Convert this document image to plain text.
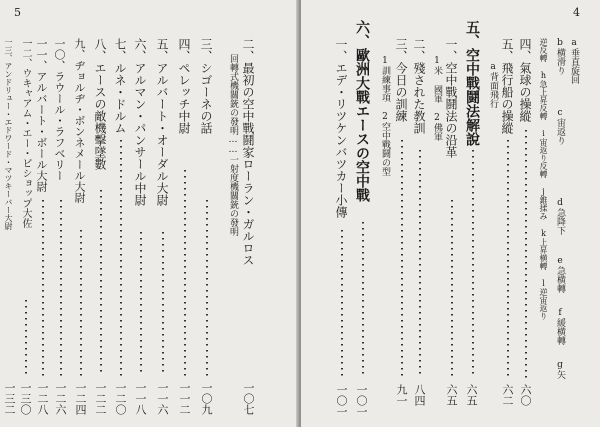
5
二、最初の空中戰鬪家ローラン・ガルロス
一〇七
回轉式機關銃の發明……一射度機關銃の發明
三、シゴーネの話
一〇九
四、ペレッチ中尉
一一二
五、アルバート・オーダル大尉
一一六
六、アルマン・パンサール中尉
一一八
七、ルネ・ドルム
一二〇
八、エースの敵機擊墜數
一二二
九、ヂョルヂ・ボンネメール大尉
一二四
一〇、ラウール・ラフベリー
一二六
一一、アルバート・ボール大尉
一二八
一二、ウキャアム・エー・ビショップ大佐
一三〇
一三、アンドリュー・エドワード・マツキーバー大尉
一三二
4
a垂直旋回
b横滑り
c宙返り
d急降下
e急横轉
f緩横轉
g矢
逆反轉 h急上昇反轉 i宙返り反轉 j錐揉み k上昇横轉 l逆宙返り
四、氣球の操縱
六〇
五、飛行船の操縱
六二
a背面飛行
五、空中戰鬪法解說
六五
一、空中戰鬪法の沿革
六五
1米 國軍 2佛軍
二、殘された教訓
八四
三、今日の訓練
九一
1訓練事項 2空中戰鬪の型
六、歐洲大戰エースの空中戰
一〇一
一、エデ・リツケンバツカー小傳
一〇一
